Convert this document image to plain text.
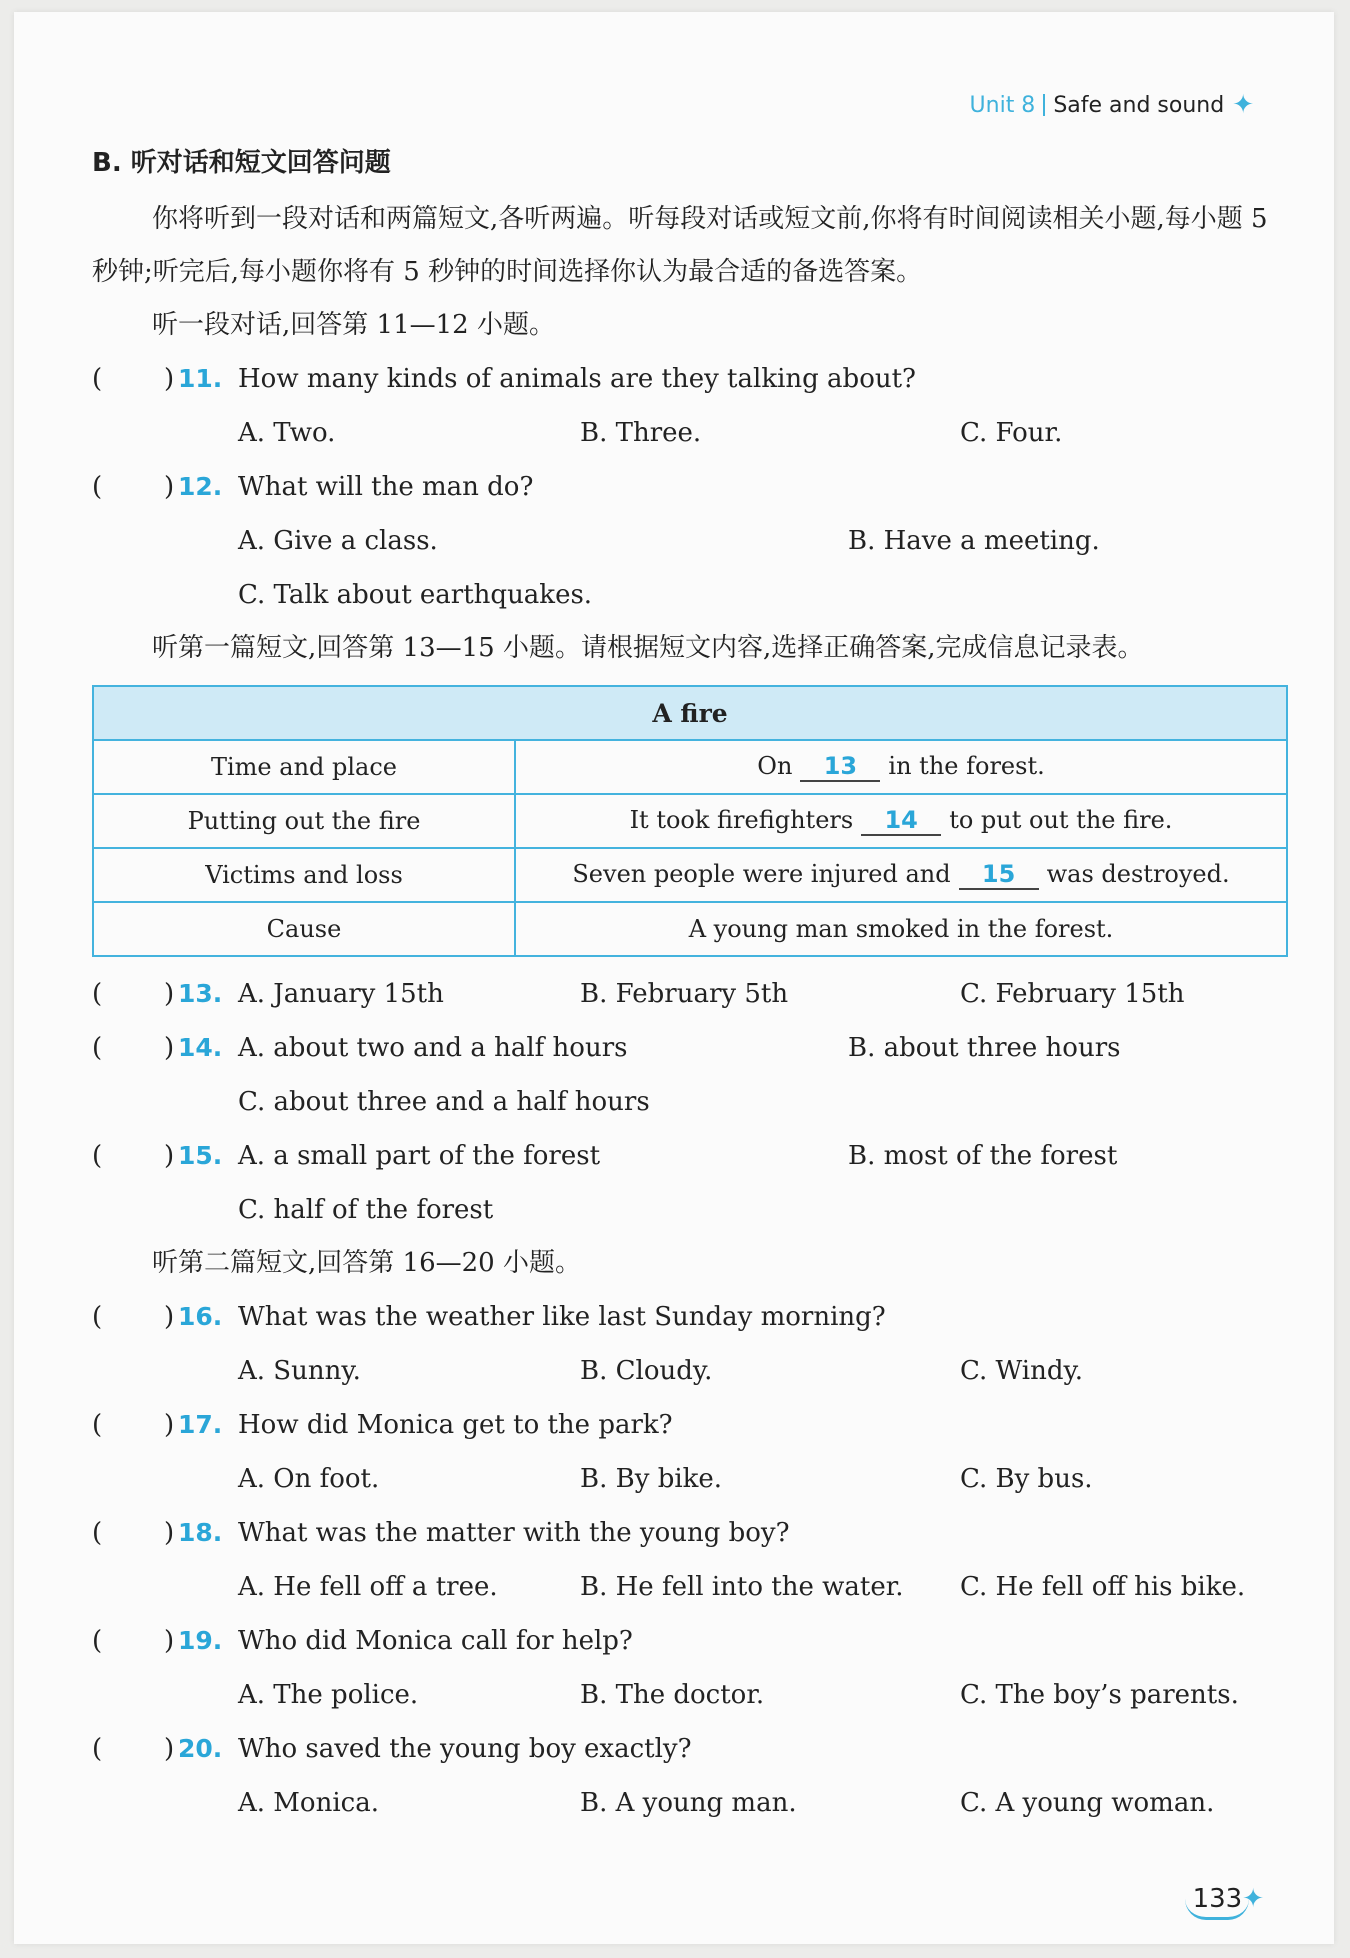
Unit 8 Safe and sound ✦
B. 听对话和短文回答问题
你将听到一段对话和两篇短文,各听两遍。听每段对话或短文前,你将有时间阅读相关小题,每小题 5 秒钟;听完后,每小题你将有 5 秒钟的时间选择你认为最合适的备选答案。
听一段对话,回答第 11—12 小题。
( ) 11. How many kinds of animals are they talking about?
A. Two.	B. Three.	C. Four.
( ) 12. What will the man do?
A. Give a class.	B. Have a meeting.
C. Talk about earthquakes.
听第一篇短文,回答第 13—15 小题。请根据短文内容,选择正确答案,完成信息记录表。
A fire	
Time and place	On 13 in the forest.
Putting out the fire	It took firefighters 14 to put out the fire.
Victims and loss	Seven people were injured and 15 was destroyed.
Cause	A young man smoked in the forest.
( ) 13. A. January 15th	B. February 5th	C. February 15th
( ) 14. A. about two and a half hours	B. about three hours
C. about three and a half hours
( ) 15. A. a small part of the forest	B. most of the forest
C. half of the forest
听第二篇短文,回答第 16—20 小题。
( ) 16. What was the weather like last Sunday morning?
A. Sunny.	B. Cloudy.	C. Windy.
( ) 17. How did Monica get to the park?
A. On foot.	B. By bike.	C. By bus.
( ) 18. What was the matter with the young boy?
A. He fell off a tree.	B. He fell into the water. C. He fell off his bike.
( ) 19. Who did Monica call for help?
A. The police.	B. The doctor.	C. The boy’s parents.
( ) 20. Who saved the young boy exactly?
A. Monica.	B. A young man.	C. A young woman.
133 ✦
